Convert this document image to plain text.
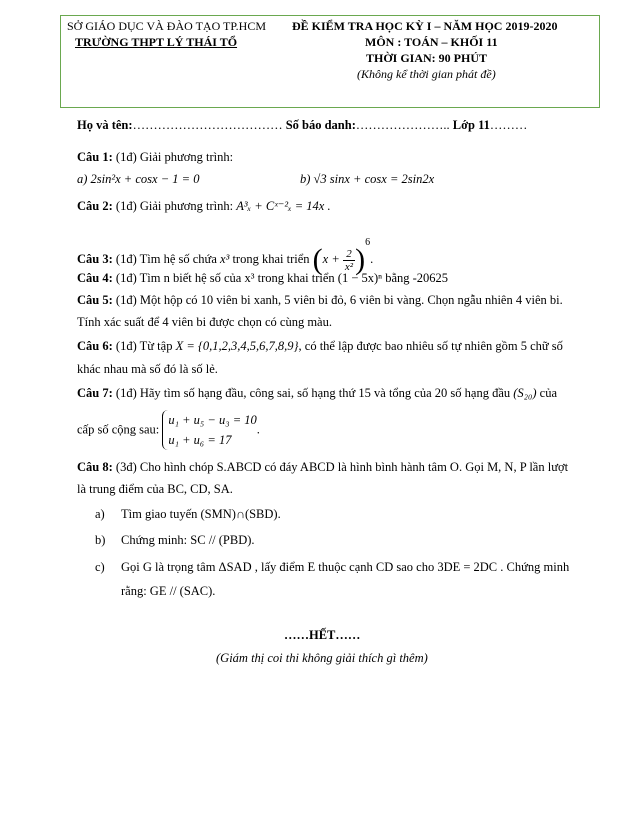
SỞ GIÁO DỤC VÀ ĐÀO TẠO TP.HCM
TRƯỜNG THPT LÝ THÁI TỔ
ĐỀ KIỂM TRA HỌC KỲ I – NĂM HỌC 2019-2020
MÔN : TOÁN – KHỐI 11
THỜI GIAN: 90 PHÚT
(Không kể thời gian phát đề)
Họ và tên:……………………………… Số báo danh:………………….. Lớp 11………
Câu 1: (1đ) Giải phương trình:
a) 2sin²x + cosx − 1 = 0	b) √3 sinx + cosx = 2sin2x
Câu 2: (1đ) Giải phương trình: A³ₓ + Cˣ⁻²ₓ = 14x .
Câu 3: (1đ) Tìm hệ số chứa x³ trong khai triển $(x + \frac{2}{\text{x²}} )^6$.
Câu 4: (1đ) Tìm n biết hệ số của x³ trong khai triển (1 − 5x)ⁿ bằng -20625
Câu 5: (1đ) Một hộp có 10 viên bi xanh, 5 viên bi đỏ, 6 viên bi vàng. Chọn ngẫu nhiên 4 viên bi.
Tính xác suất để 4 viên bi được chọn có cùng màu.
Câu 6: (1đ) Từ tập X = {0,1,2,3,4,5,6,7,8,9}, có thể lập được bao nhiêu số tự nhiên gồm 5 chữ số
khác nhau mà số đó là số lẻ.
Câu 7: (1đ) Hãy tìm số hạng đầu, công sai, số hạng thứ 15 và tổng của 20 số hạng đầu (S₂₀) của
cấp số cộng sau:
u₁ + u₅ − u₃ = 10
u₁ + u₆ = 17
.
Câu 8: (3đ) Cho hình chóp S.ABCD có đáy ABCD là hình bình hành tâm O. Gọi M, N, P lần lượt
là trung điểm của BC, CD, SA.
a) Tìm giao tuyến (SMN)∩(SBD).
b) Chứng minh: SC // (PBD).
c) Gọi G là trọng tâm ΔSAD , lấy điểm E thuộc cạnh CD sao cho 3DE = 2DC . Chứng minh
rằng: GE // (SAC).
……HẾT……
(Giám thị coi thi không giải thích gì thêm)
